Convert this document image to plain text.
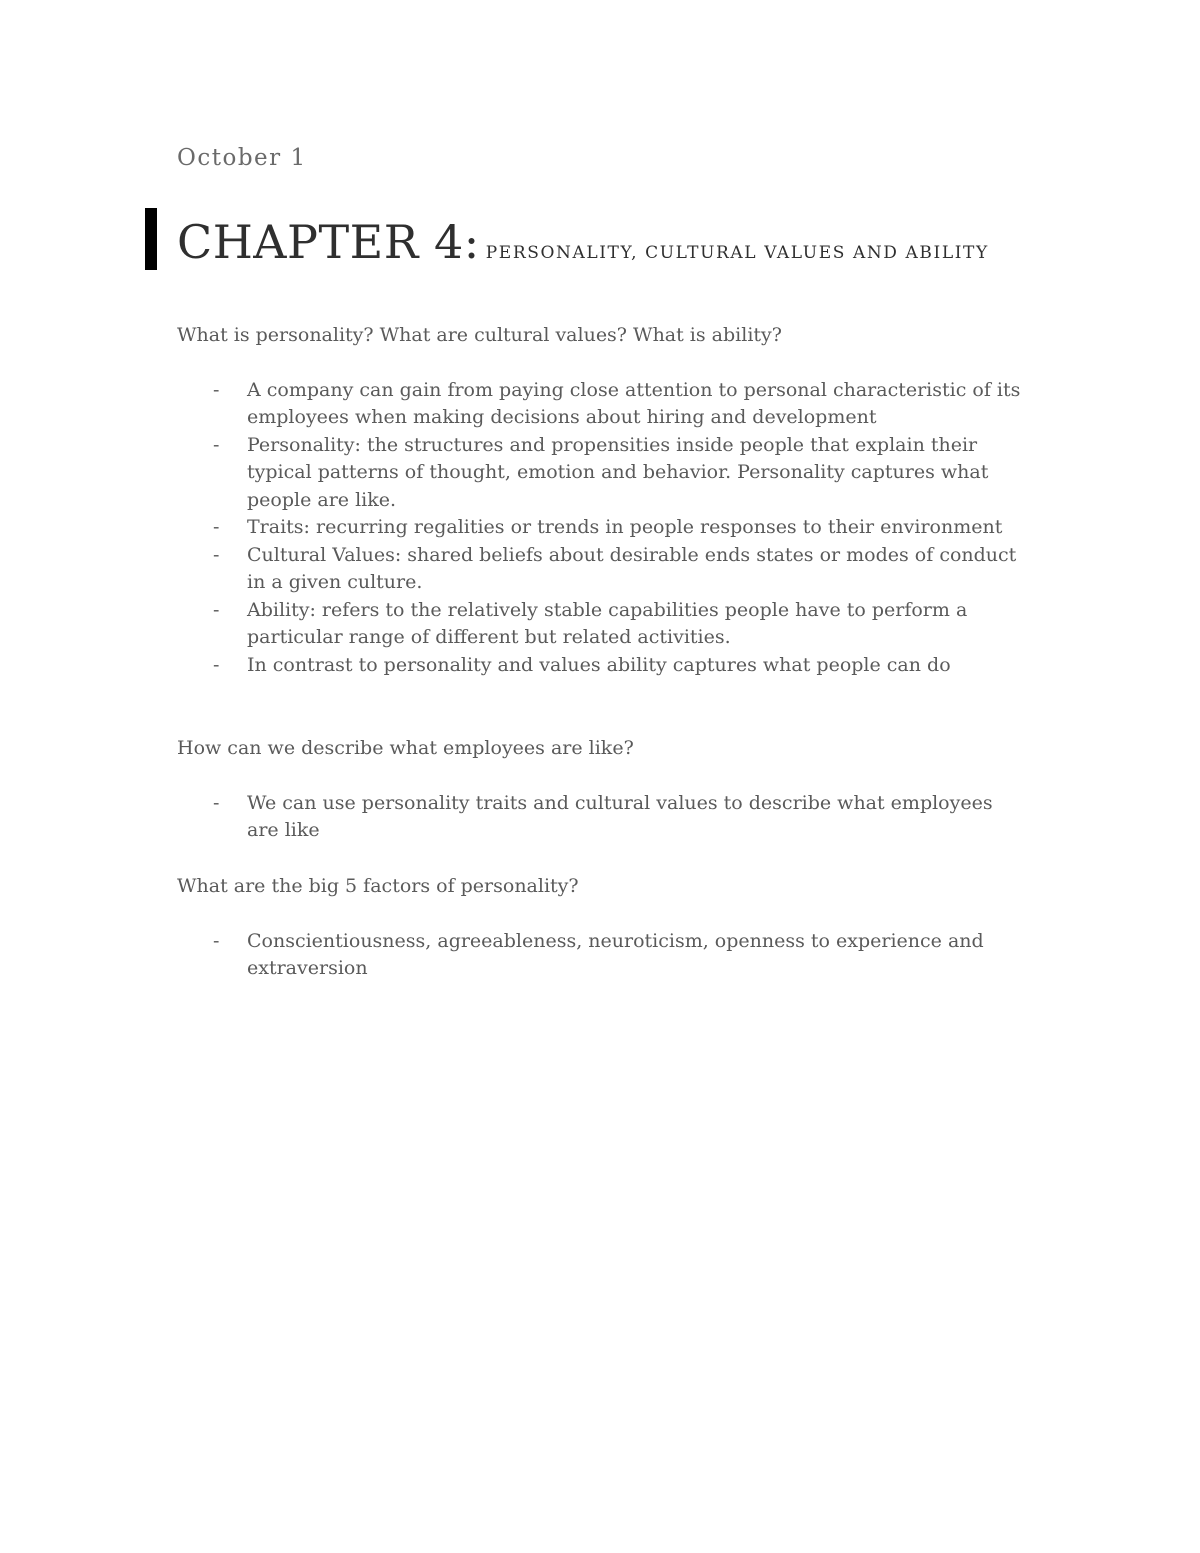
October 1
CHAPTER 4: PERSONALITY, CULTURAL VALUES AND ABILITY

What is personality? What are cultural values? What is ability?

- A company can gain from paying close attention to personal characteristic of its employees when making decisions about hiring and development
- Personality: the structures and propensities inside people that explain their typical patterns of thought, emotion and behavior. Personality captures what people are like.
- Traits: recurring regalities or trends in people responses to their environment
- Cultural Values: shared beliefs about desirable ends states or modes of conduct in a given culture.
- Ability: refers to the relatively stable capabilities people have to perform a particular range of different but related activities.
- In contrast to personality and values ability captures what people can do

How can we describe what employees are like?

- We can use personality traits and cultural values to describe what employees are like

What are the big 5 factors of personality?

- Conscientiousness, agreeableness, neuroticism, openness to experience and extraversion
